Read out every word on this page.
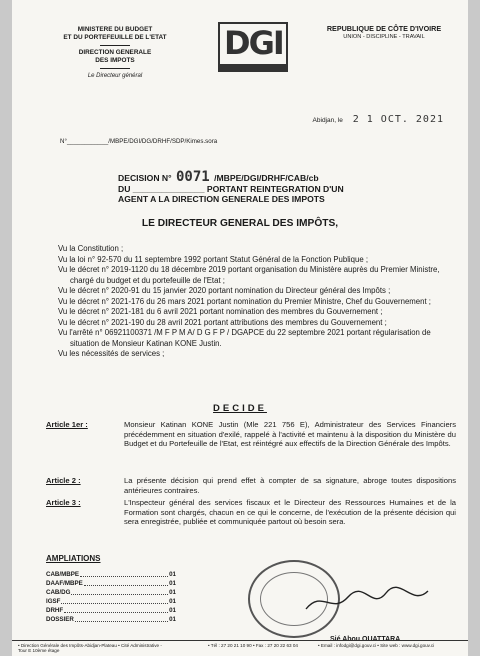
MINISTERE DU BUDGET
ET DU PORTEFEUILLE DE L'ETAT
DIRECTION GENERALE
DES IMPOTS
Le Directeur général
DGI	REPUBLIQUE DE CÔTE D'IVOIRE
UNION - DISCIPLINE - TRAVAIL
Abidjan, le 2 1 OCT. 2021
N°____________/MBPE/DGI/DG/DRHF/SDP/Kimes.sora
DECISION N° 0071 /MBPE/DGI/DRHF/CAB/cb
DU _______________ PORTANT REINTEGRATION D'UN
AGENT A LA DIRECTION GENERALE DES IMPOTS
LE DIRECTEUR GENERAL DES IMPÔTS,

Vu la Constitution ;

Vu la loi n° 92-570 du 11 septembre 1992 portant Statut Général de la Fonction Publique ;

Vu le décret n° 2019-1120 du 18 décembre 2019 portant organisation du Ministère auprès du Premier Ministre, chargé du budget et du portefeuille de l'Etat ;

Vu le décret n° 2020-91 du 15 janvier 2020 portant nomination du Directeur général des Impôts ;

Vu le décret n° 2021-176 du 26 mars 2021 portant nomination du Premier Ministre, Chef du Gouvernement ;

Vu le décret n° 2021-181 du 6 avril 2021 portant nomination des membres du Gouvernement ;

Vu le décret n° 2021-190 du 28 avril 2021 portant attributions des membres du Gouvernement ;

Vu l'arrêté n° 06921100371 /M F P M A/ D G F P / DGAPCE du 22 septembre 2021 portant régularisation de situation de Monsieur Katinan KONE Justin.

Vu les nécessités de services ;

DECIDE
Article 1er :	Monsieur Katinan KONE Justin (Mle 221 756 E), Administrateur des Services Financiers précédemment en situation d'exilé, rappelé à l'activité et maintenu à la disposition du Ministère du Budget et du Portefeuille de l'Etat, est réintégré aux effectifs de la Direction Générale des Impôts.
Article 2 :	La présente décision qui prend effet à compter de sa signature, abroge toutes dispositions antérieures contraires.
Article 3 :	L'Inspecteur général des services fiscaux et le Directeur des Ressources Humaines et de la Formation sont chargés, chacun en ce qui le concerne, de l'exécution de la présente décision qui sera enregistrée, publiée et communiquée partout où besoin sera.
AMPLIATIONS
CAB/MBPE	01
DAAF/MBPE	01
CAB/DG	01
IGSF	01
DRHF	01
DOSSIER	01
Sié Abou OUATTARA
• Direction Générale des Impôts-Abidjan-Plateau • Cité Administrative - Tour E 10ème étage
• Tél : 27 20 21 10 90 • Fax : 27 20 22 63 04	• Email : infodgi@dgi.gouv.ci • Site web : www.dgi.gouv.ci
